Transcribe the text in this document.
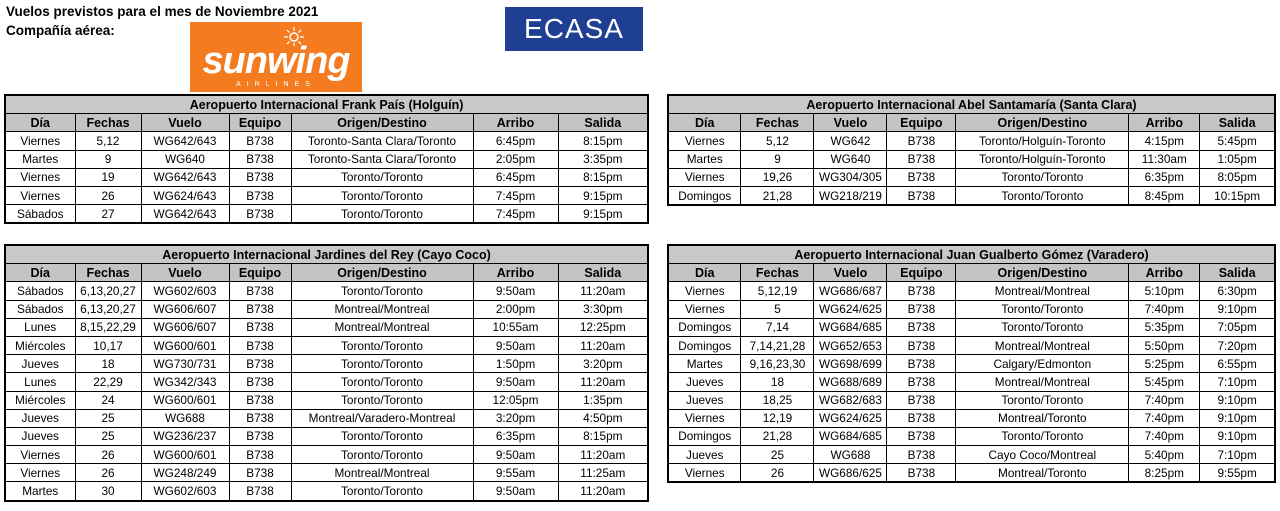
Vuelos previstos para el mes de Noviembre 2021
Compañía aérea:
sunwing
AIRLINES
ECASA
Aeropuerto Internacional Frank País (Holguín)						
Día	Fechas	Vuelo	Equipo	Origen/Destino	Arribo	Salida
Viernes	5,12	WG642/643	B738	Toronto-Santa Clara/Toronto	6:45pm	8:15pm
Martes	9	WG640	B738	Toronto-Santa Clara/Toronto	2:05pm	3:35pm
Viernes	19	WG642/643	B738	Toronto/Toronto	6:45pm	8:15pm
Viernes	26	WG624/643	B738	Toronto/Toronto	7:45pm	9:15pm
Sábados	27	WG642/643	B738	Toronto/Toronto	7:45pm	9:15pm
Aeropuerto Internacional Abel Santamaría (Santa Clara)						
Día	Fechas	Vuelo	Equipo	Origen/Destino	Arribo	Salida
Viernes	5,12	WG642	B738	Toronto/Holguín-Toronto	4:15pm	5:45pm
Martes	9	WG640	B738	Toronto/Holguín-Toronto	11:30am	1:05pm
Viernes	19,26	WG304/305	B738	Toronto/Toronto	6:35pm	8:05pm
Domingos	21,28	WG218/219	B738	Toronto/Toronto	8:45pm	10:15pm
Aeropuerto Internacional Jardines del Rey (Cayo Coco)						
Día	Fechas	Vuelo	Equipo	Origen/Destino	Arribo	Salida
Sábados	6,13,20,27	WG602/603	B738	Toronto/Toronto	9:50am	11:20am
Sábados	6,13,20,27	WG606/607	B738	Montreal/Montreal	2:00pm	3:30pm
Lunes	8,15,22,29	WG606/607	B738	Montreal/Montreal	10:55am	12:25pm
Miércoles	10,17	WG600/601	B738	Toronto/Toronto	9:50am	11:20am
Jueves	18	WG730/731	B738	Toronto/Toronto	1:50pm	3:20pm
Lunes	22,29	WG342/343	B738	Toronto/Toronto	9:50am	11:20am
Miércoles	24	WG600/601	B738	Toronto/Toronto	12:05pm	1:35pm
Jueves	25	WG688	B738	Montreal/Varadero-Montreal	3:20pm	4:50pm
Jueves	25	WG236/237	B738	Toronto/Toronto	6:35pm	8:15pm
Viernes	26	WG600/601	B738	Toronto/Toronto	9:50am	11:20am
Viernes	26	WG248/249	B738	Montreal/Montreal	9:55am	11:25am
Martes	30	WG602/603	B738	Toronto/Toronto	9:50am	11:20am
Aeropuerto Internacional Juan Gualberto Gómez (Varadero)						
Día	Fechas	Vuelo	Equipo	Origen/Destino	Arribo	Salida
Viernes	5,12,19	WG686/687	B738	Montreal/Montreal	5:10pm	6:30pm
Viernes	5	WG624/625	B738	Toronto/Toronto	7:40pm	9:10pm
Domingos	7,14	WG684/685	B738	Toronto/Toronto	5:35pm	7:05pm
Domingos	7,14,21,28	WG652/653	B738	Montreal/Montreal	5:50pm	7:20pm
Martes	9,16,23,30	WG698/699	B738	Calgary/Edmonton	5:25pm	6:55pm
Jueves	18	WG688/689	B738	Montreal/Montreal	5:45pm	7:10pm
Jueves	18,25	WG682/683	B738	Toronto/Toronto	7:40pm	9:10pm
Viernes	12,19	WG624/625	B738	Montreal/Toronto	7:40pm	9:10pm
Domingos	21,28	WG684/685	B738	Toronto/Toronto	7:40pm	9:10pm
Jueves	25	WG688	B738	Cayo Coco/Montreal	5:40pm	7:10pm
Viernes	26	WG686/625	B738	Montreal/Toronto	8:25pm	9:55pm
